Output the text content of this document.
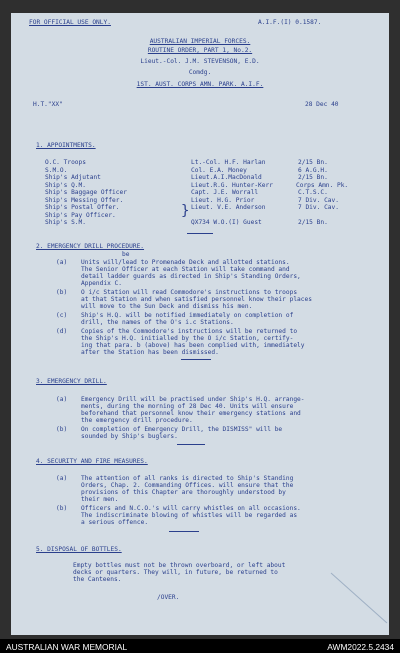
FOR OFFICIAL USE ONLY.	A.I.F.(I) 0.1587.
AUSTRALIAN IMPERIAL FORCES.
ROUTINE ORDER, PART 1, No.2.
Lieut.-Col. J.M. STEVENSON, E.D.
Comdg.
1ST. AUST. CORPS AMN. PARK. A.I.F.
H.T."XX"	28 Dec 40
1. APPOINTMENTS.
O.C. Troops	Lt.-Col. H.F. Harlan	2/15 Bn.
S.M.O.	Col. E.A. Money	6 A.G.H.
Ship's Adjutant	Lieut.A.I.MacDonald	2/15 Bn.
Ship's Q.M.	Lieut.R.G. Hunter-Kerr	Corps Amn. Pk.
Ship's Baggage Officer	Capt. J.E. Worrall	C.T.S.C.
Ship's Messing Offer.	Lieut. H.G. Prior	7 Div. Cav.
Ship's Postal Offer.	Lieut. V.E. Anderson	7 Div. Cav.
Ship's Pay Officer.
Ship's S.M.	QX734 W.O.(I) Guest	2/15 Bn.
}
2. EMERGENCY DRILL PROCEDURE.
be
(a) Units will/lead to Promenade Deck and allotted stations.
The Senior Officer at each Station will take command and
detail ladder guards as directed in Ship's Standing Orders,
Appendix C.
(b) O i/c Station will read Commodore's instructions to troops
at that Station and when satisfied personnel know their places
will move to the Sun Deck and dismiss his men.
(c) Ship's H.Q. will be notified immediately on completion of
drill, the names of the O's i.c Stations.
(d) Copies of the Commodore's instructions will be returned to
the Ship's H.Q. initialled by the O i/c Station, certify-
ing that para. b (above) has been complied with, immediately
after the Station has been dismissed.
3. EMERGENCY DRILL.
(a) Emergency Drill will be practised under Ship's H.Q. arrange-
ments, during the morning of 28 Dec 40. Units will ensure
beforehand that personnel know their emergency stations and
the emergency drill procedure.
(b) On completion of Emergency Drill, the DISMISS" will be
sounded by Ship's buglers.
4. SECURITY AND FIRE MEASURES.
(a) The attention of all ranks is directed to Ship's Standing
Orders, Chap. 2. Commanding Offices. will ensure that the
provisions of this Chapter are thoroughly understood by
their men.
(b) Officers and N.C.O.'s will carry whistles on all occasions.
The indiscriminate blowing of whistles will be regarded as
a serious offence.
5. DISPOSAL OF BOTTLES.
Empty bottles must not be thrown overboard, or left about
decks or quarters. They will, in future, be returned to
the Canteens.
/OVER.
AUSTRALIAN WAR MEMORIAL	AWM2022.5.2434
